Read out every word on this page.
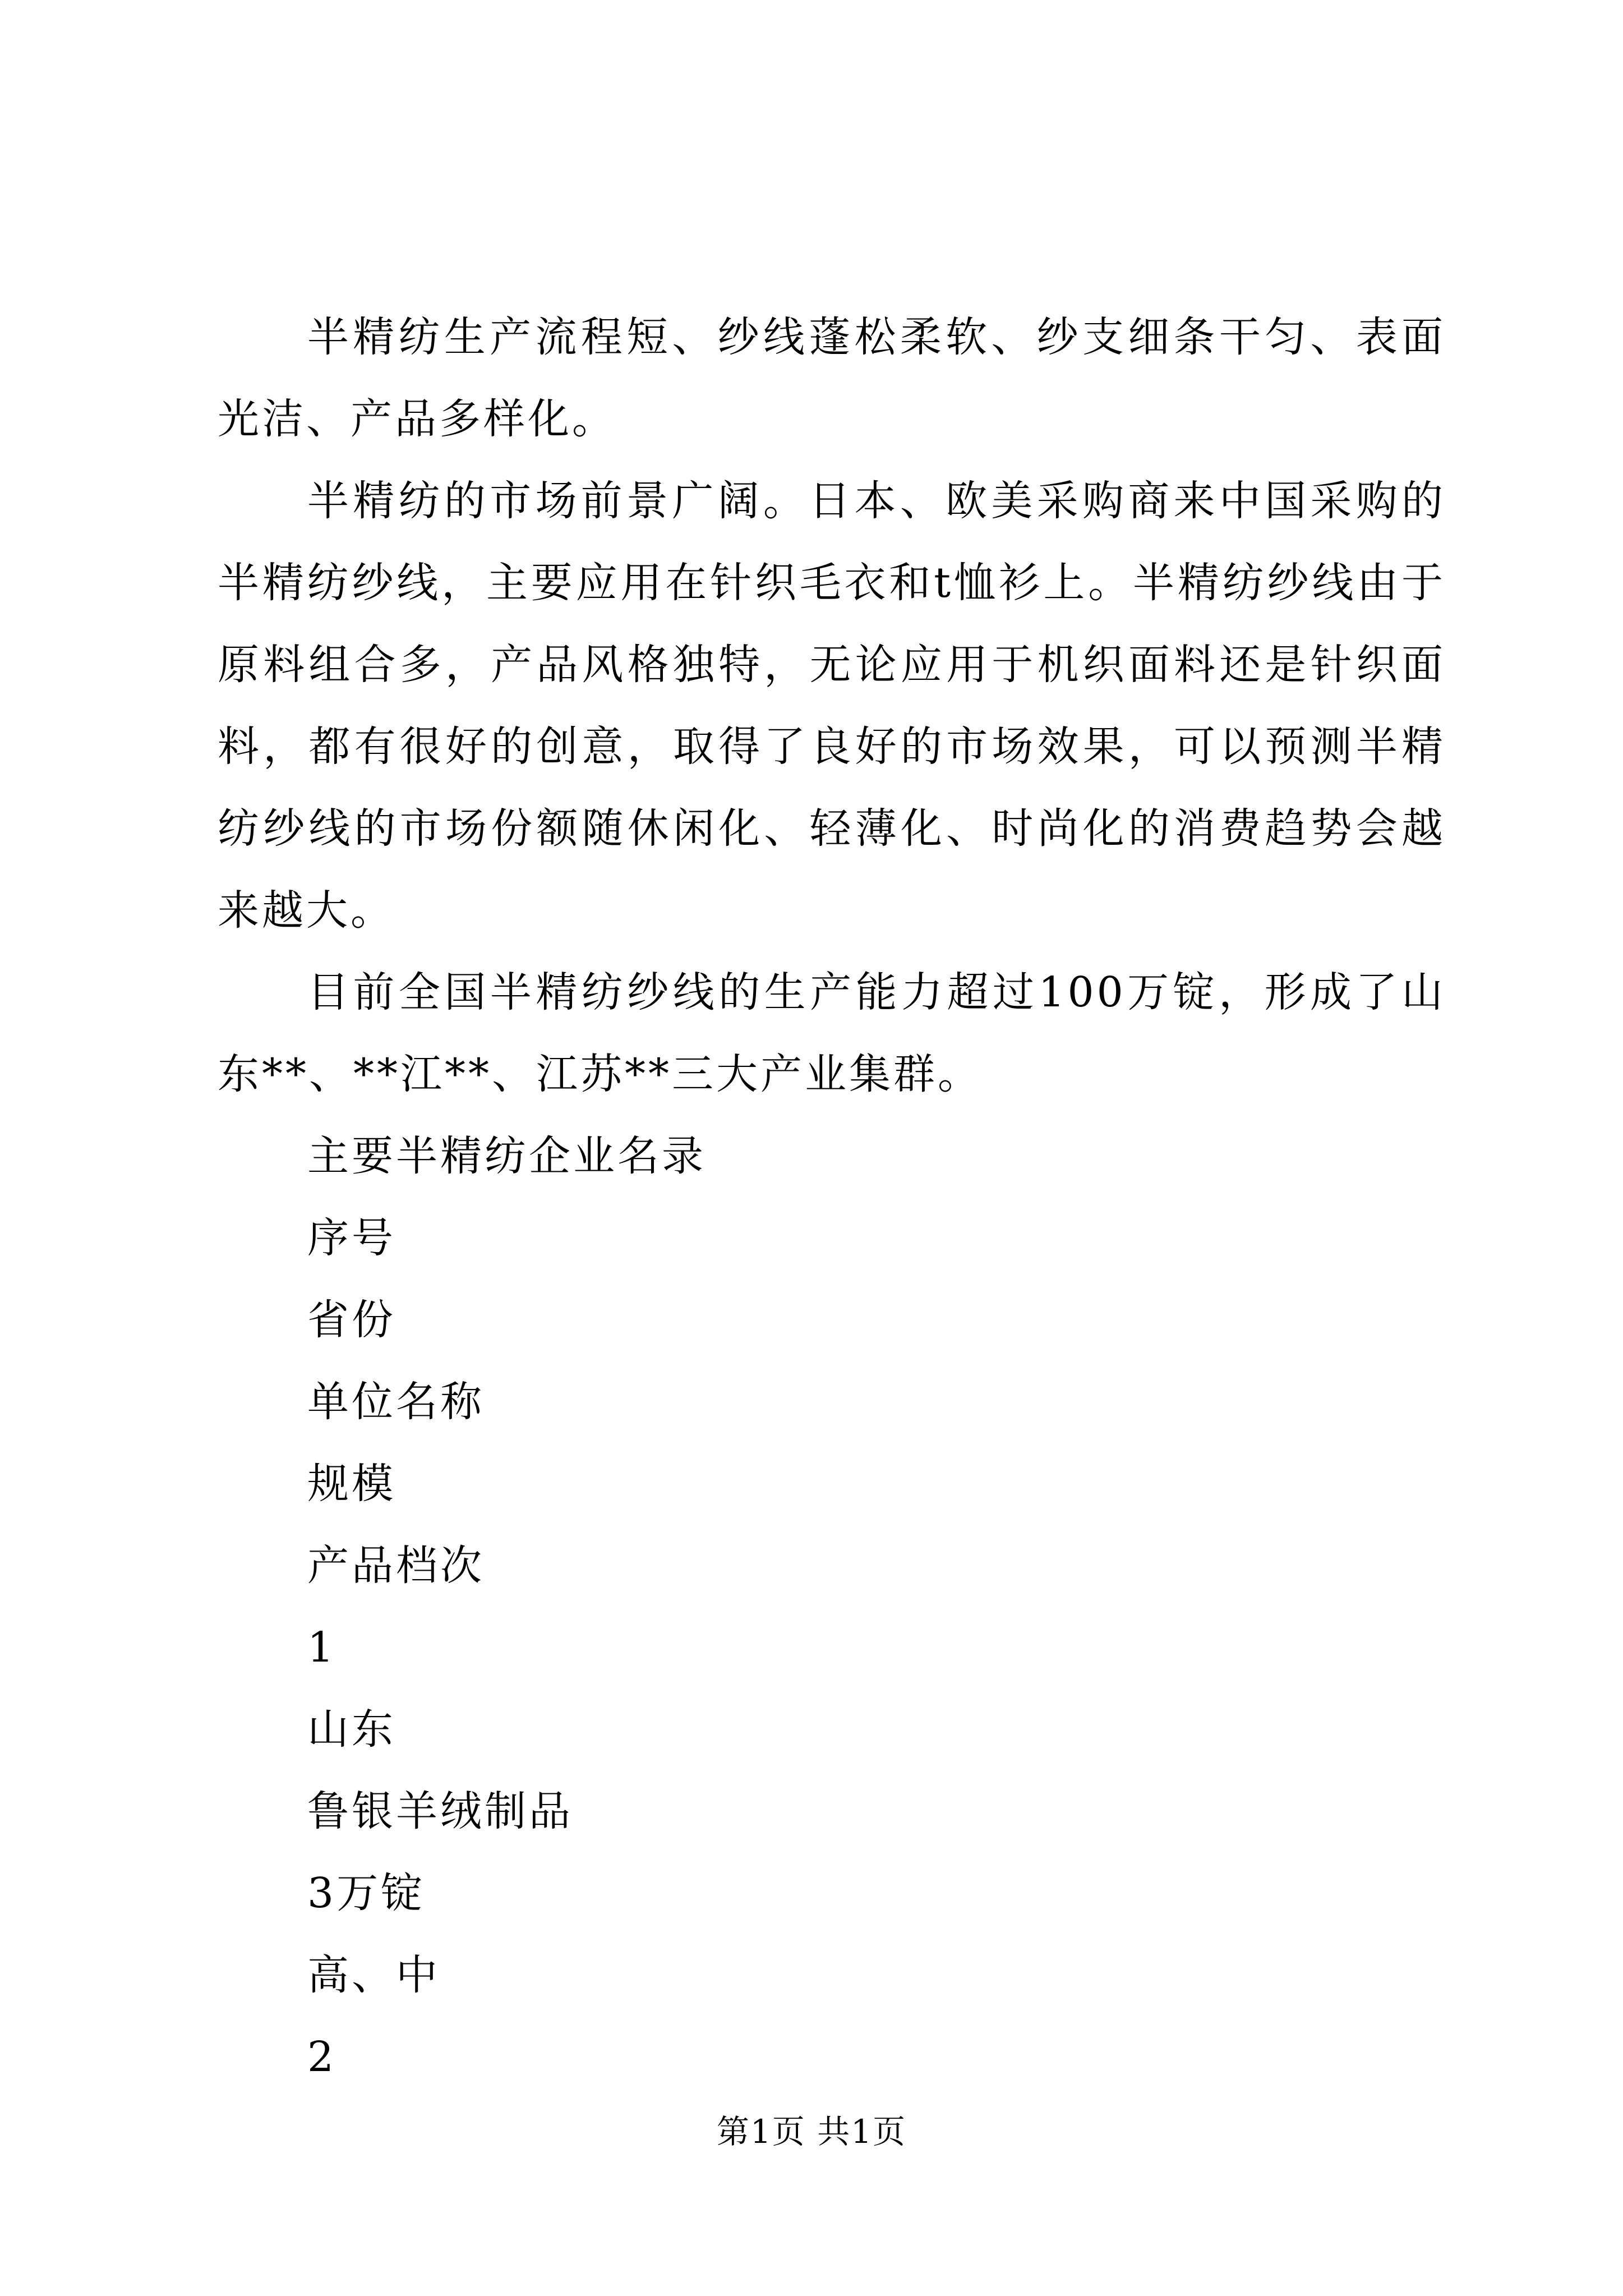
半精纺生产流程短、纱线蓬松柔软、纱支细条干匀、表面光洁、产品多样化。

半精纺的市场前景广阔。日本、欧美采购商来中国采购的半精纺纱线，主要应用在针织毛衣和t恤衫上。半精纺纱线由于原料组合多，产品风格独特，无论应用于机织面料还是针织面料，都有很好的创意，取得了良好的市场效果，可以预测半精纺纱线的市场份额随休闲化、轻薄化、时尚化的消费趋势会越来越大。

目前全国半精纺纱线的生产能力超过100万锭，形成了山东**、**江**、江苏**三大产业集群。

主要半精纺企业名录

序号

省份

单位名称

规模

产品档次

1

山东

鲁银羊绒制品

3万锭

高、中

2

第1页 共1页
